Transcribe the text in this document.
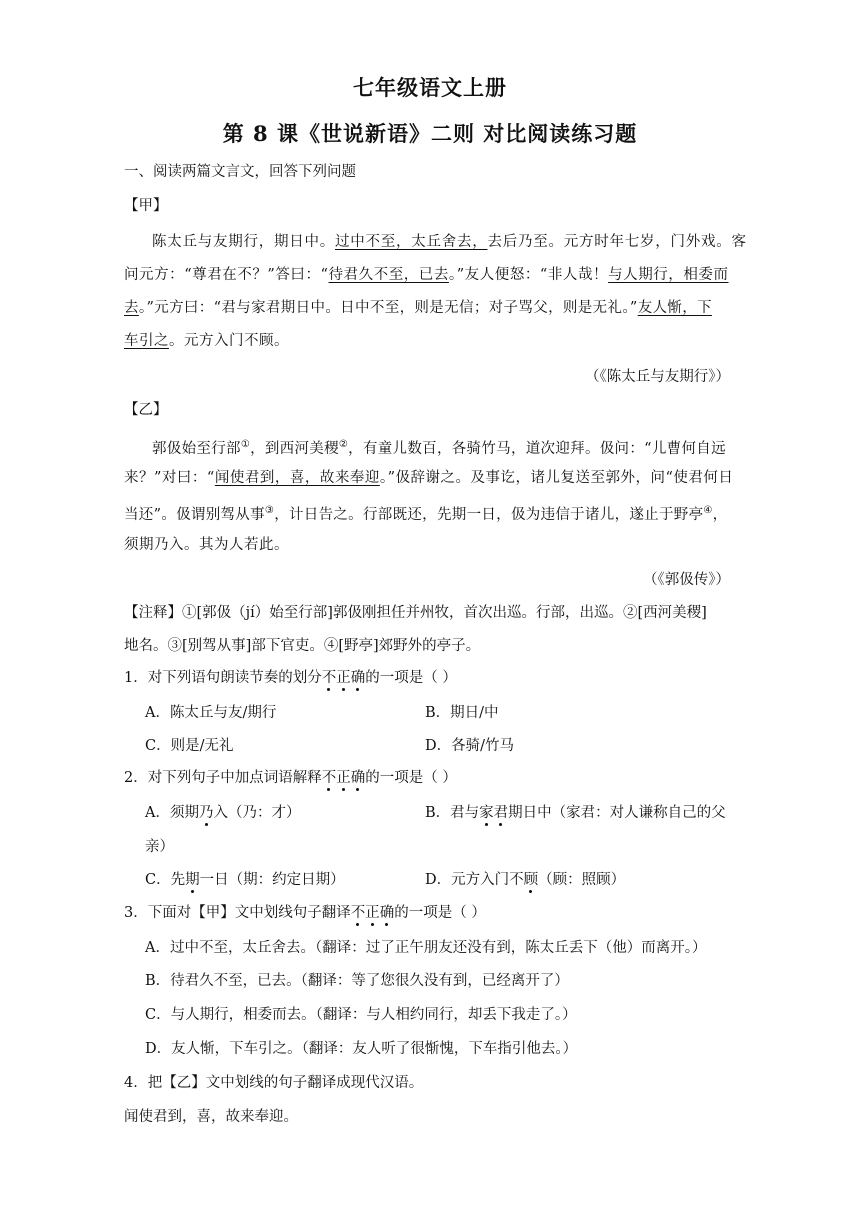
七年级语文上册
第 8 课《世说新语》二则 对比阅读练习题
一、阅读两篇文言文，回答下列问题
【甲】
陈太丘与友期行，期日中。过中不至，太丘舍去，去后乃至。元方时年七岁，门外戏。客
问元方：“尊君在不？”答曰：“待君久不至，已去。”友人便怒：“非人哉！与人期行，相委而
去。”元方曰：“君与家君期日中。日中不至，则是无信；对子骂父，则是无礼。”友人惭，下
车引之。元方入门不顾。
（《陈太丘与友期行》）
【乙】
郭伋始至行部①，到西河美稷②，有童儿数百，各骑竹马，道次迎拜。伋问：“儿曹何自远
来？”对曰：“闻使君到，喜，故来奉迎。”伋辞谢之。及事讫，诸儿复送至郭外，问“使君何日
当还”。伋谓别驾从事③，计日告之。行部既还，先期一日，伋为违信于诸儿，遂止于野亭④，
须期乃入。其为人若此。
（《郭伋传》）
【注释】①[郭伋（jí）始至行部]郭伋刚担任并州牧，首次出巡。行部，出巡。②[西河美稷]
地名。③[别驾从事]部下官吏。④[野亭]郊野外的亭子。
1．对下列语句朗读节奏的划分不正确的一项是（ ）
A．陈太丘与友/期行	B．期日/中
C．则是/无礼	D．各骑/竹马
2．对下列句子中加点词语解释不正确的一项是（ ）
A．须期乃入（乃：才）	B．君与家君期日中（家君：对人谦称自己的父
亲）
C．先期一日（期：约定日期）	D．元方入门不顾（顾：照顾）
3．下面对【甲】文中划线句子翻译不正确的一项是（ ）
A．过中不至，太丘舍去。（翻译：过了正午朋友还没有到，陈太丘丢下（他）而离开。）
B．待君久不至，已去。（翻译：等了您很久没有到，已经离开了）
C．与人期行，相委而去。（翻译：与人相约同行，却丢下我走了。）
D．友人惭，下车引之。（翻译：友人听了很惭愧，下车指引他去。）
4．把【乙】文中划线的句子翻译成现代汉语。
闻使君到，喜，故来奉迎。
